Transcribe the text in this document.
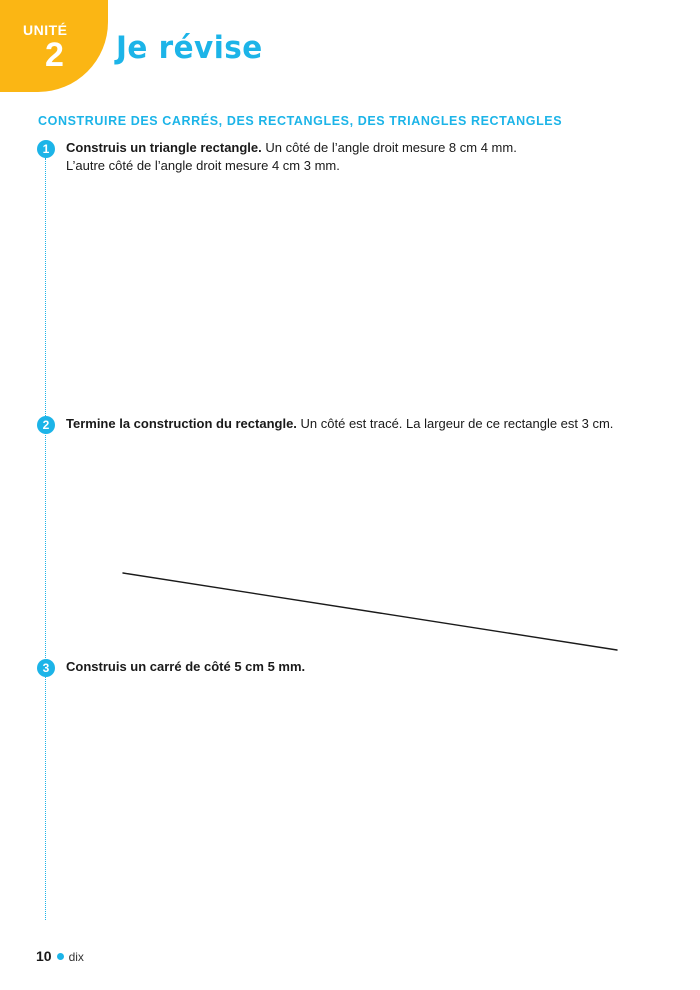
UNITÉ
2 Je révise
CONSTRUIRE DES CARRÉS, DES RECTANGLES, DES TRIANGLES RECTANGLES
1	Construis un triangle rectangle. Un côté de l’angle droit mesure 8 cm 4 mm.
L’autre côté de l’angle droit mesure 4 cm 3 mm.
2	Termine la construction du rectangle. Un côté est tracé. La largeur de ce rectangle est 3 cm.
3	Construis un carré de côté 5 cm 5 mm.
10 dix
